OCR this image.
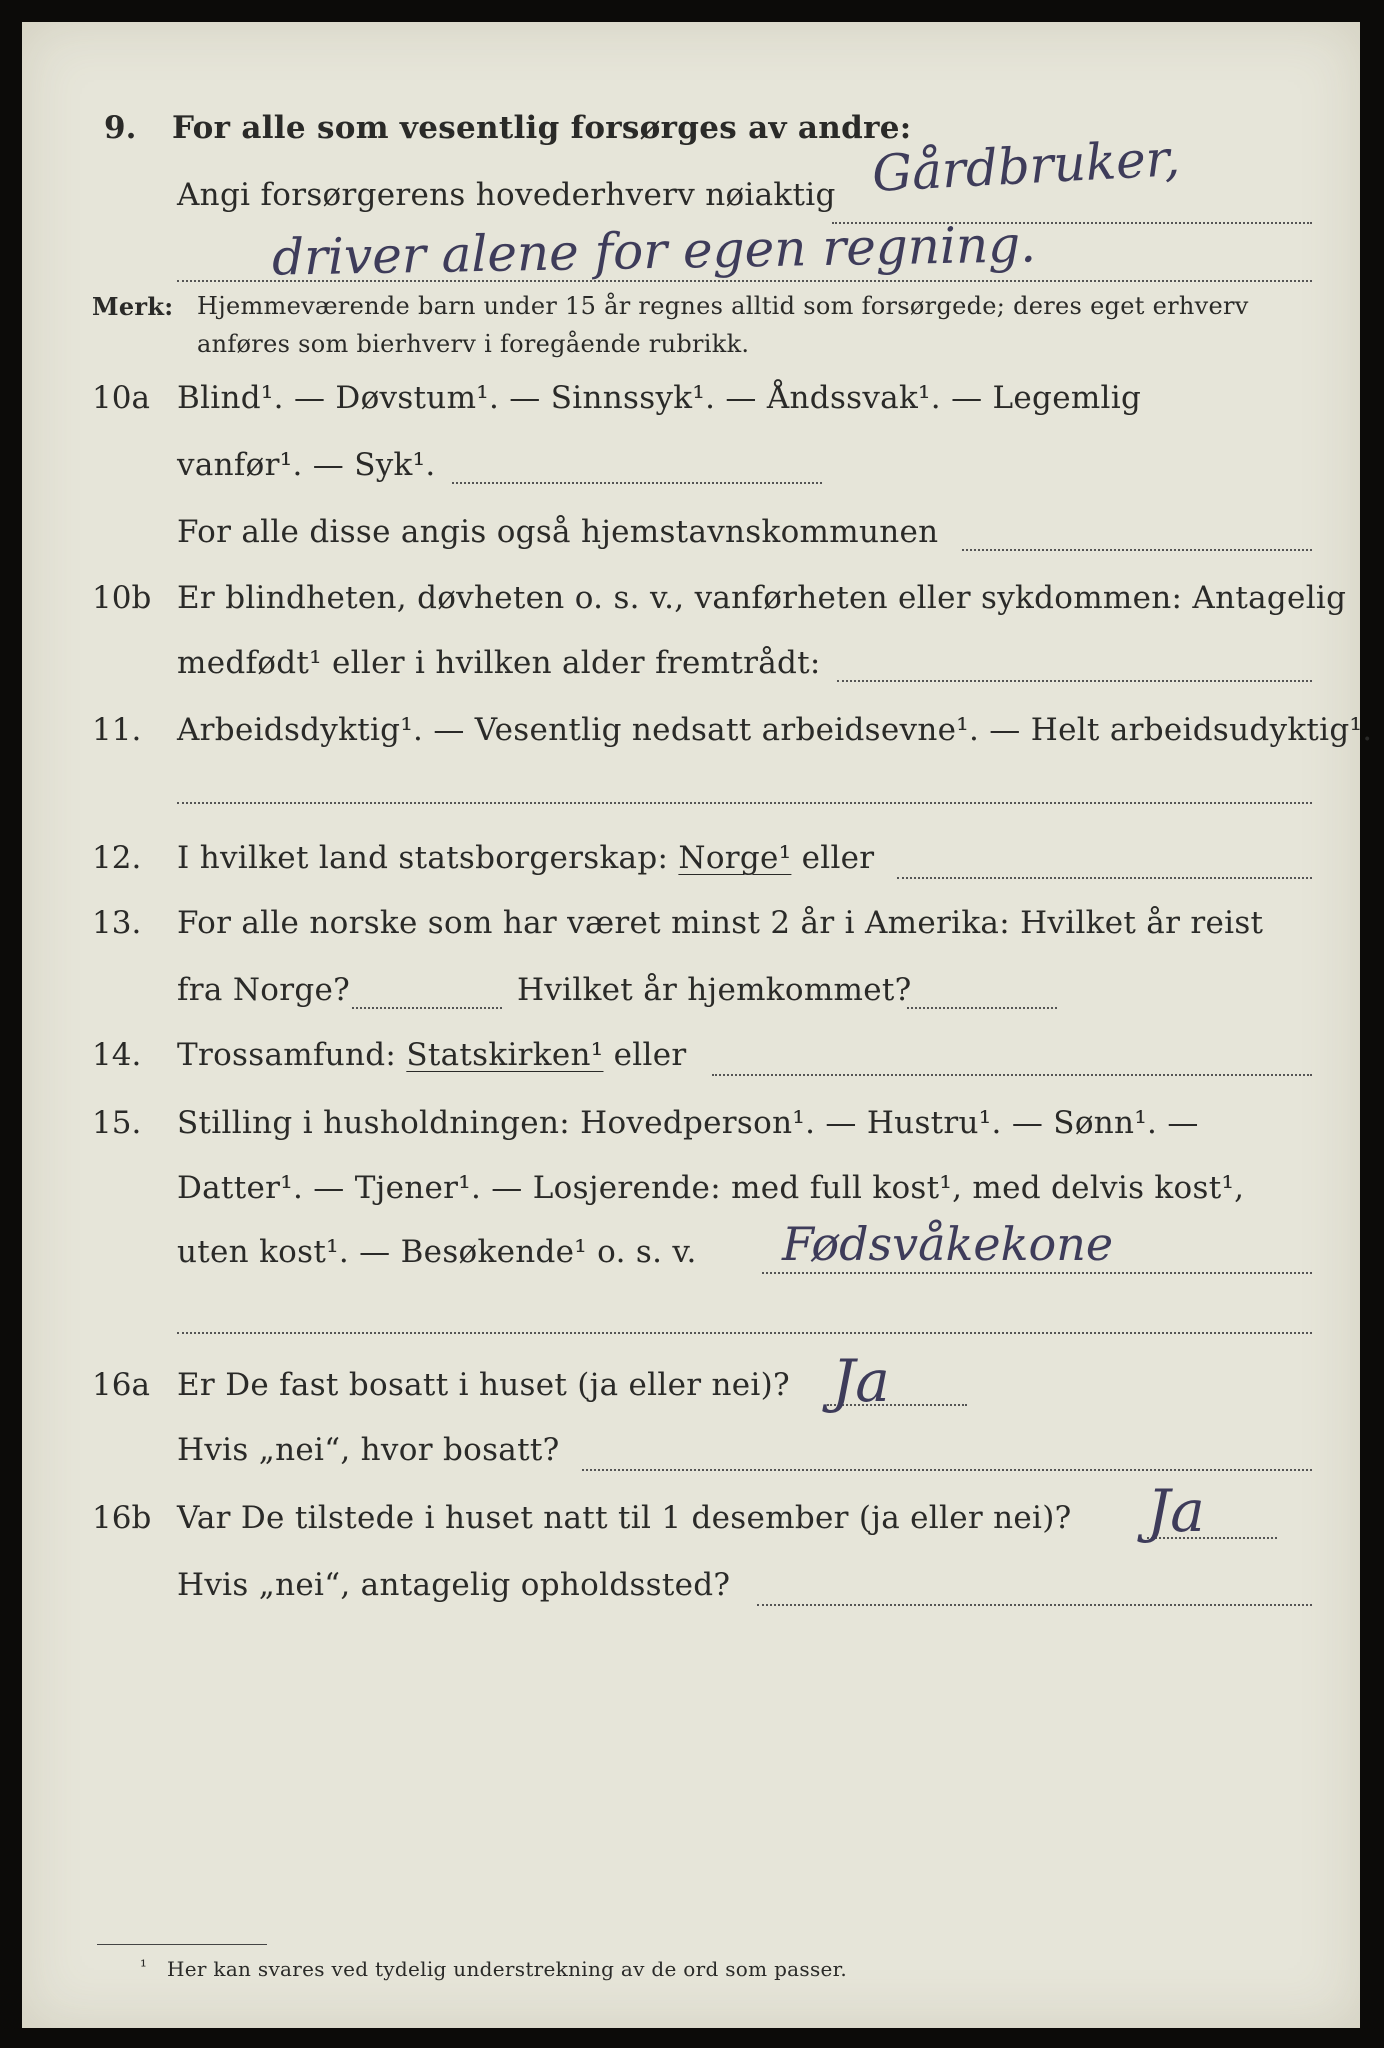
9. For alle som vesentlig forsørges av andre:
Angi forsørgerens hovederhverv nøiaktig Gårdbruker,
driver alene for egen regning.
Merk: Hjemmeværende barn under 15 år regnes alltid som forsørgede; deres eget erhverv
anføres som bierhverv i foregående rubrikk.
10a Blind¹. — Døvstum¹. — Sinnssyk¹. — Åndssvak¹. — Legemlig
vanfør¹. — Syk¹.
For alle disse angis også hjemstavnskommunen
10b Er blindheten, døvheten o. s. v., vanførheten eller sykdommen: Antagelig
medfødt¹ eller i hvilken alder fremtrådt:
11. Arbeidsdyktig¹. — Vesentlig nedsatt arbeidsevne¹. — Helt arbeidsudyktig¹.
12. I hvilket land statsborgerskap: Norge¹ eller
13. For alle norske som har været minst 2 år i Amerika: Hvilket år reist
fra Norge?	Hvilket år hjemkommet?
14. Trossamfund: Statskirken¹ eller
15. Stilling i husholdningen: Hovedperson¹. — Hustru¹. — Sønn¹. —
Datter¹. — Tjener¹. — Losjerende: med full kost¹, med delvis kost¹,
uten kost¹. — Besøkende¹ o. s. v. Fødsvåkekone
16a Er De fast bosatt i huset (ja eller nei)? Ja
Hvis „nei“, hvor bosatt?
16b Var De tilstede i huset natt til 1 desember (ja eller nei)? Ja
Hvis „nei“, antagelig opholdssted?
¹ Her kan svares ved tydelig understrekning av de ord som passer.
